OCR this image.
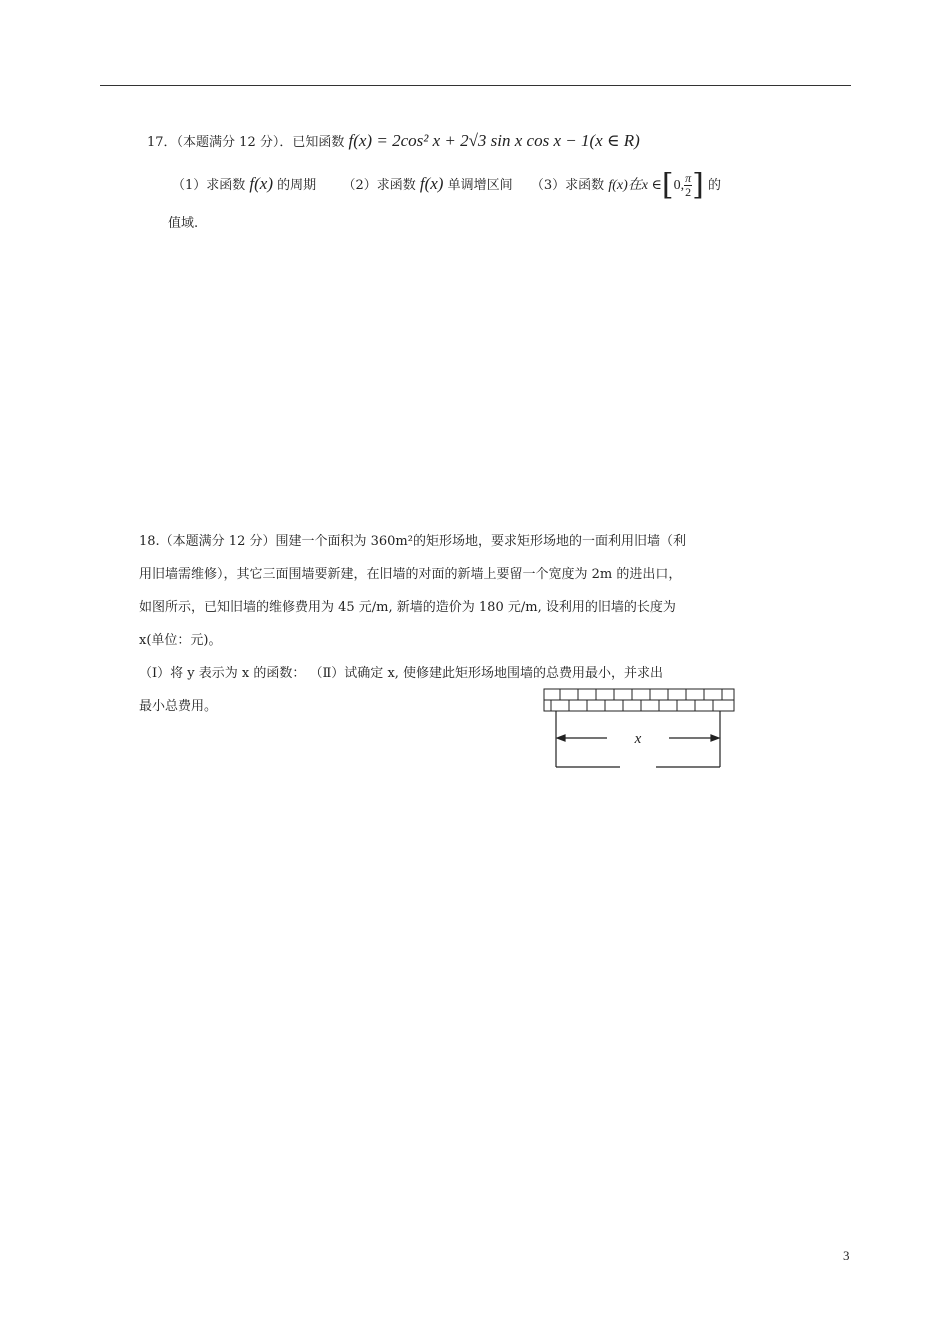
17．（本题满分 12 分）．已知函数 f(x) = 2cos² x + 2√3 sin x cos x − 1(x ∈ R)
（1）求函数 f(x) 的周期 （2）求函数 f(x) 单调增区间 （3）求函数 f(x)在x ∈[0, $\frac{\pi}{2}$ ] 的
值域.
18.（本题满分 12 分）围建一个面积为 360m²的矩形场地，要求矩形场地的一面利用旧墙（利
用旧墙需维修），其它三面围墙要新建，在旧墙的对面的新墙上要留一个宽度为 2m 的进出口，
如图所示，已知旧墙的维修费用为 45 元/m, 新墙的造价为 180 元/m, 设利用的旧墙的长度为
x(单位：元)。
（Ⅰ）将 y 表示为 x 的函数： （Ⅱ）试确定 x, 使修建此矩形场地围墙的总费用最小，并求出
最小总费用。
x
3
